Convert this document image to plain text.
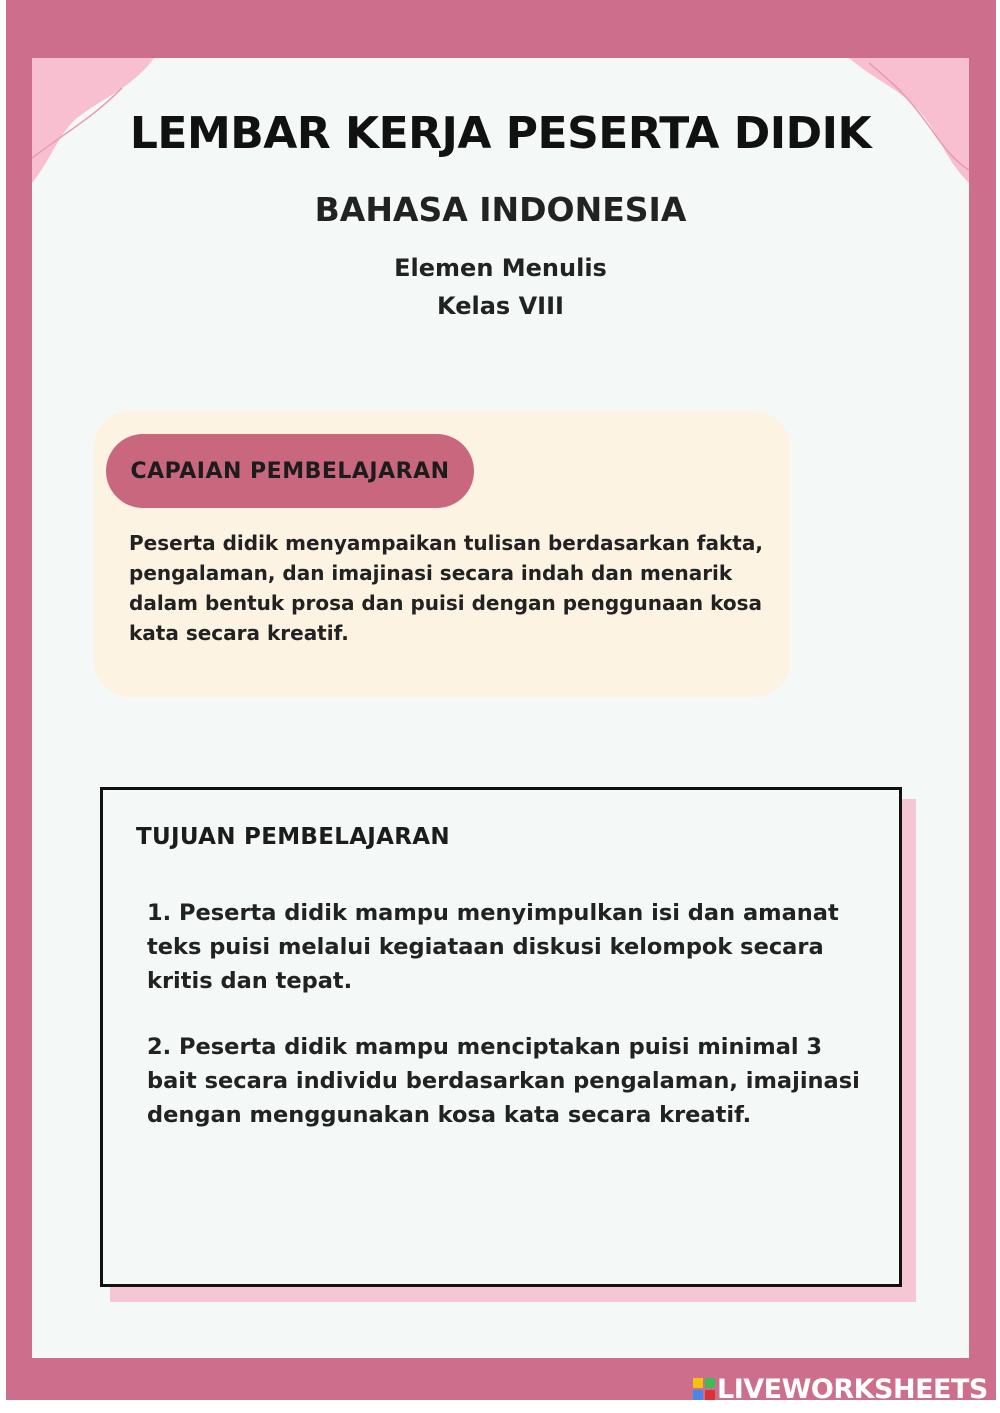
LEMBAR KERJA PESERTA DIDIK
BAHASA INDONESIA
Elemen Menulis
Kelas VIII
CAPAIAN PEMBELAJARAN
Peserta didik menyampaikan tulisan berdasarkan fakta, pengalaman, dan imajinasi secara indah dan menarik dalam bentuk prosa dan puisi dengan penggunaan kosa kata secara kreatif.
TUJUAN PEMBELAJARAN
1. Peserta didik mampu menyimpulkan isi dan amanat teks puisi melalui kegiataan diskusi kelompok secara kritis dan tepat.
2. Peserta didik mampu menciptakan puisi minimal 3 bait secara individu berdasarkan pengalaman, imajinasi dengan menggunakan kosa kata secara kreatif.
LIVEWORKSHEETS
